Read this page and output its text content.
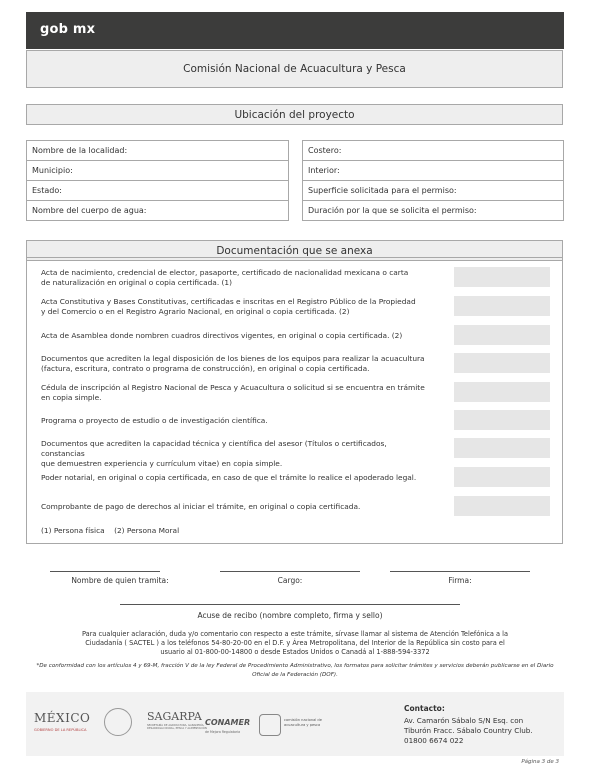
gob mx
Comisión Nacional de Acuacultura y Pesca
Ubicación del proyecto
Nombre de la localidad:
Municipio:
Estado:
Nombre del cuerpo de agua:
Costero:
Interior:
Superficie solicitada para el permiso:
Duración por la que se solicita el permiso:
Documentación que se anexa
Acta de nacimiento, credencial de elector, pasaporte, certificado de nacionalidad mexicana o carta
de naturalización en original o copia certificada. (1)
Acta Constitutiva y Bases Constitutivas, certificadas e inscritas en el Registro Público de la Propiedad
y del Comercio o en el Registro Agrario Nacional, en original o copia certificada. (2)
Acta de Asamblea donde nombren cuadros directivos vigentes, en original o copia certificada. (2)
Documentos que acrediten la legal disposición de los bienes de los equipos para realizar la acuacultura
(factura, escritura, contrato o programa de construcción), en original o copia certificada.
Cédula de inscripción al Registro Nacional de Pesca y Acuacultura o solicitud si se encuentra en trámite
en copia simple.
Programa o proyecto de estudio o de investigación científica.
Documentos que acrediten la capacidad técnica y científica del asesor (Títulos o certificados, constancias
que demuestren experiencia y currículum vitae) en copia simple.
Poder notarial, en original o copia certificada, en caso de que el trámite lo realice el apoderado legal.
Comprobante de pago de derechos al iniciar el trámite, en original o copia certificada.
(1) Persona física    (2) Persona Moral
Nombre de quien tramita:	Cargo:	Firma:
Acuse de recibo (nombre completo, firma y sello)
Para cualquier aclaración, duda y/o comentario con respecto a este trámite, sírvase llamar al sistema de Atención Telefónica a la
Ciudadanía ( SACTEL ) a los teléfonos 54-80-20-00 en el D.F. y Área Metropolitana, del Interior de la República sin costo para el
usuario al 01-800-00-14800 o desde Estados Unidos o Canadá al 1-888-594-3372
*De conformidad con los artículos 4 y 69-M, fracción V de la ley Federal de Procedimiento Administrativo, los formatos para solicitar trámites y servicios deberán publicarse en el Diario
Oficial de la Federación (DOF).
MÉXICO
GOBIERNO DE LA REPÚBLICA
SAGARPA
SECRETARÍA DE AGRICULTURA, GANADERÍA, DESARROLLO RURAL, PESCA Y ALIMENTACIÓN
CONAMER
de Mejora Regulatoria
comisión nacional de acuacultura y pesca
Contacto:
Av. Camarón Sábalo S/N Esq. con
Tiburón Fracc. Sábalo Country Club.
01800 6674 022
Página 3 de 3
